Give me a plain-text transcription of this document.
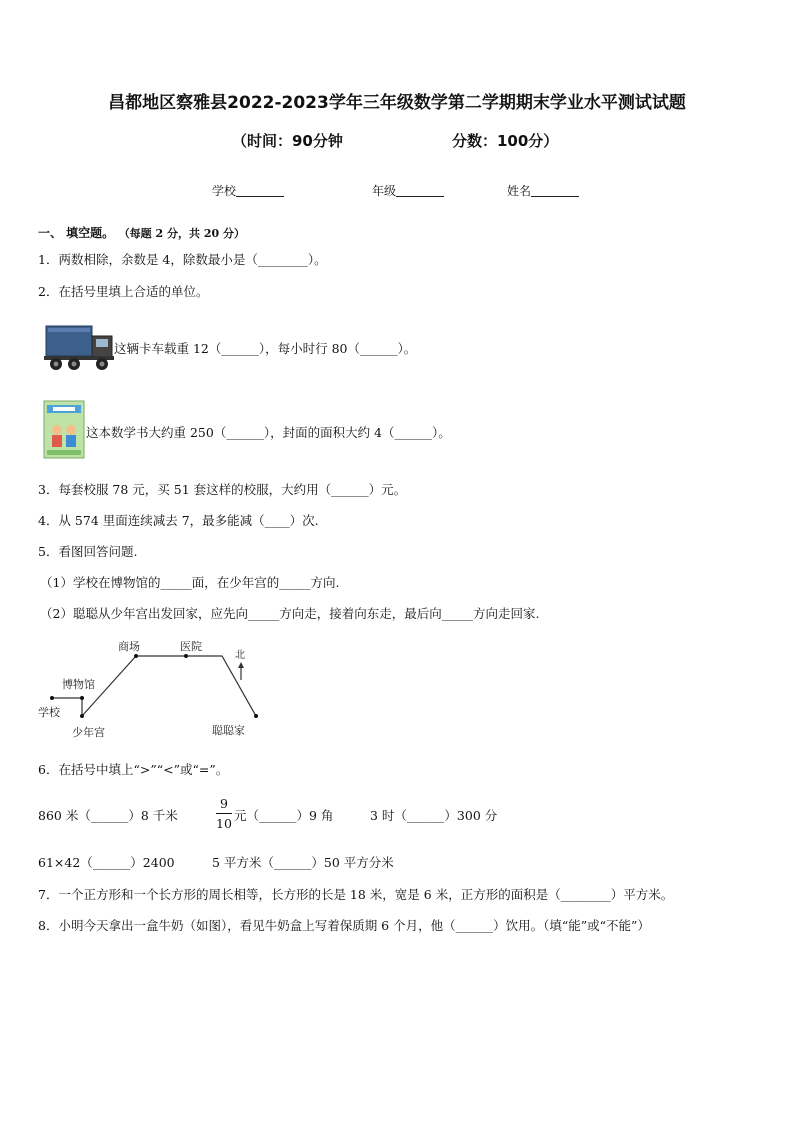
昌都地区察雅县2022-2023学年三年级数学第二学期期末学业水平测试试题
（时间：90分钟	分数：100分）
学校	年级	姓名
一、 填空题。 （每题 2 分，共 20 分）
1．两数相除，余数是 4，除数最小是（________）。
2．在括号里填上合适的单位。
这辆卡车载重 12（______），每小时行 80（______）。
这本数学书大约重 250（______），封面的面积大约 4（______）。
3．每套校服 78 元，买 51 套这样的校服，大约用（______）元。
4．从 574 里面连续减去 7，最多能减（____）次.
5．看图回答问题.
（1）学校在博物馆的_____面，在少年宫的_____方向.
（2）聪聪从少年宫出发回家，应先向_____方向走，接着向东走，最后向_____方向走回家.
商场	医院
博物馆
学校
少年宫	聪聪家
北
6．在括号中填上“>”“<”或“=”。
860 米（______）8 千米
9
10
元（______）9 角	3 时（______）300 分
61×42（______）2400	5 平方米（______）50 平方分米
7．一个正方形和一个长方形的周长相等，长方形的长是 18 米，宽是 6 米，正方形的面积是（________）平方米。
8．小明今天拿出一盒牛奶（如图），看见牛奶盒上写着保质期 6 个月，他（______）饮用。（填“能”或“不能”）
